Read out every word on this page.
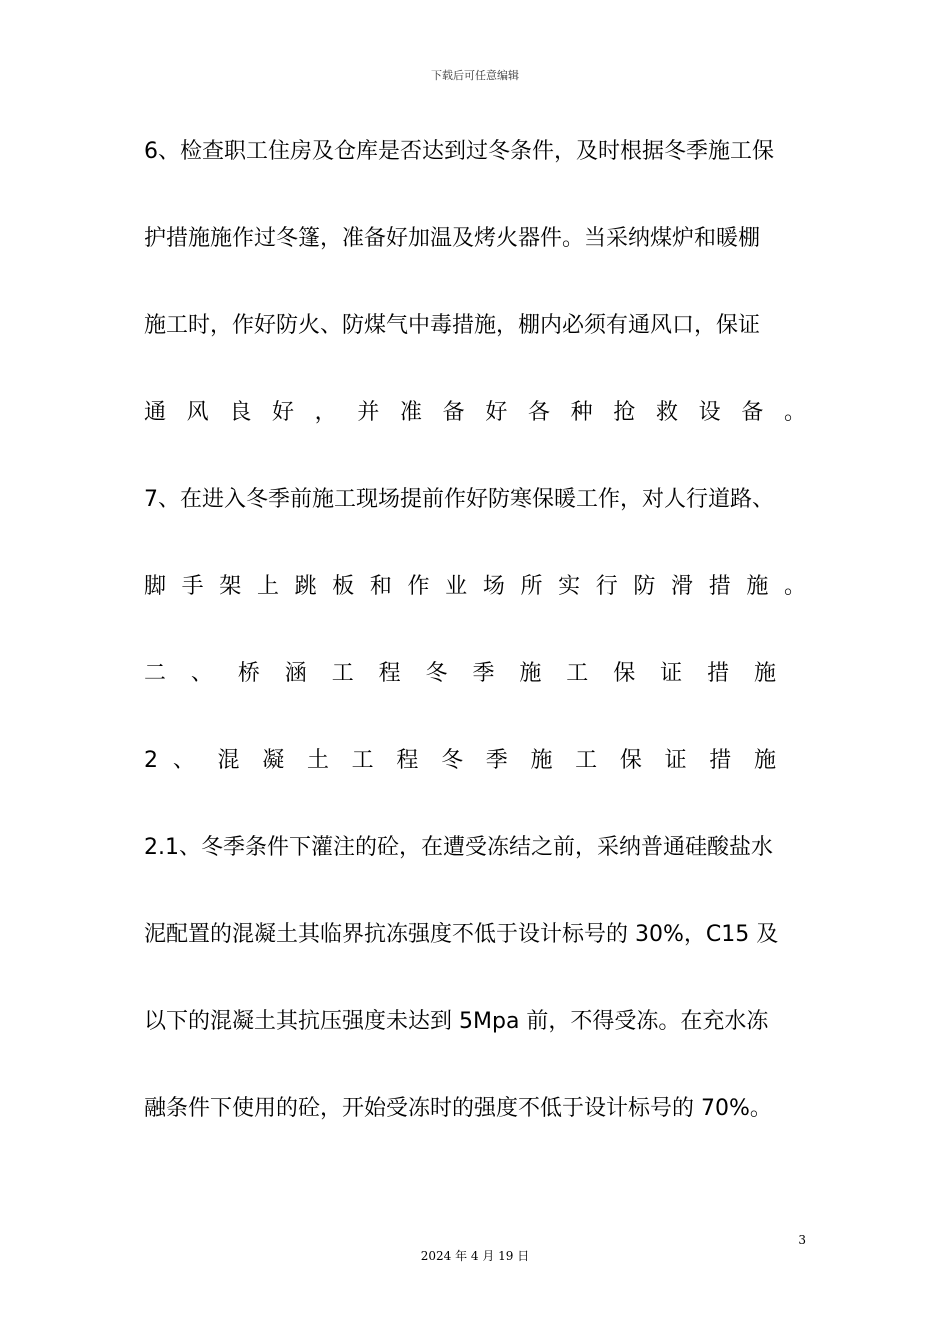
下载后可任意编辑
6、检查职工住房及仓库是否达到过冬条件，及时根据冬季施工保
护措施施作过冬篷，准备好加温及烤火器件。当采纳煤炉和暖棚
施工时，作好防火、防煤气中毒措施，棚内必须有通风口，保证
通 风 良 好 ， 并 准 备 好 各 种 抢 救 设 备 。
7、在进入冬季前施工现场提前作好防寒保暖工作，对人行道路、
脚 手 架 上 跳 板 和 作 业 场 所 实 行 防 滑 措 施 。
二 、 桥 涵 工 程 冬 季 施 工 保 证 措 施
2 、 混 凝 土 工 程 冬 季 施 工 保 证 措 施
2.1、冬季条件下灌注的砼，在遭受冻结之前，采纳普通硅酸盐水
泥配置的混凝土其临界抗冻强度不低于设计标号的 30%，C15 及
以下的混凝土其抗压强度未达到 5Mpa 前，不得受冻。在充水冻
融条件下使用的砼，开始受冻时的强度不低于设计标号的 70%。
3
2024 年 4 月 19 日
